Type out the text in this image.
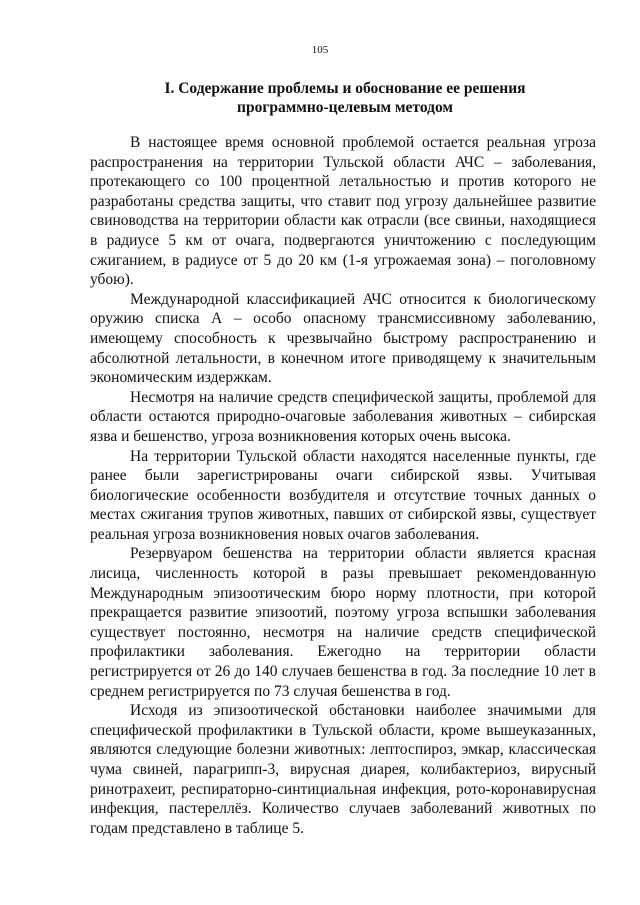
105
I. Содержание проблемы и обоснование ее решения
программно-целевым методом

В настоящее время основной проблемой остается реальная угроза распространения на территории Тульской области АЧС – заболевания, протекающего со 100 процентной летальностью и против которого не разработаны средства защиты, что ставит под угрозу дальнейшее развитие свиноводства на территории области как отрасли (все свиньи, находящиеся в радиусе 5 км от очага, подвергаются уничтожению с последующим сжиганием, в радиусе от 5 до 20 км (1-я угрожаемая зона) – поголовному убою).

Международной классификацией АЧС относится к биологическому оружию списка А – особо опасному трансмиссивному заболеванию, имеющему способность к чрезвычайно быстрому распространению и абсолютной летальности, в конечном итоге приводящему к значительным экономическим издержкам.

Несмотря на наличие средств специфической защиты, проблемой для области остаются природно-очаговые заболевания животных – сибирская язва и бешенство, угроза возникновения которых очень высока.

На территории Тульской области находятся населенные пункты, где ранее были зарегистрированы очаги сибирской язвы. Учитывая биологические особенности возбудителя и отсутствие точных данных о местах сжигания трупов животных, павших от сибирской язвы, существует реальная угроза возникновения новых очагов заболевания.

Резервуаром бешенства на территории области является красная лисица, численность которой в разы превышает рекомендованную Международным эпизоотическим бюро норму плотности, при которой прекращается развитие эпизоотий, поэтому угроза вспышки заболевания существует постоянно, несмотря на наличие средств специфической профилактики заболевания. Ежегодно на территории области регистрируется от 26 до 140 случаев бешенства в год. За последние 10 лет в среднем регистрируется по 73 случая бешенства в год.

Исходя из эпизоотической обстановки наиболее значимыми для специфической профилактики в Тульской области, кроме вышеуказанных, являются следующие болезни животных: лептоспироз, эмкар, классическая чума свиней, парагрипп-3, вирусная диарея, колибактериоз, вирусный ринотрахеит, респираторно-синтициальная инфекция, рото-коронавирусная инфекция, пастереллёз. Количество случаев заболеваний животных по годам представлено в таблице 5.
